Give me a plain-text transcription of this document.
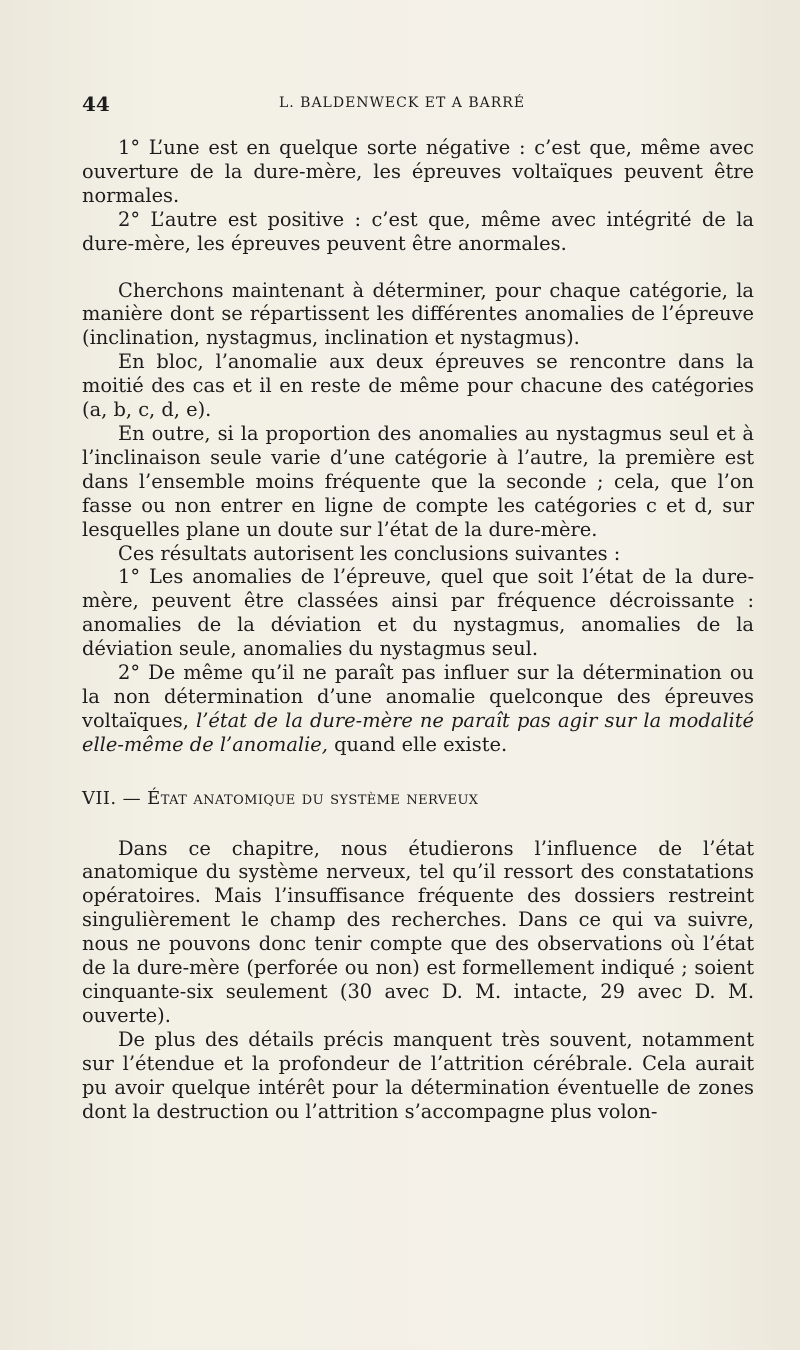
44	L. BALDENWECK ET A BARRÉ

1° L’une est en quelque sorte négative : c’est que, même avec ouverture de la dure-mère, les épreuves voltaïques peuvent être normales.

2° L’autre est positive : c’est que, même avec intégrité de la dure-mère, les épreuves peuvent être anormales.

Cherchons maintenant à déterminer, pour chaque catégorie, la manière dont se répartissent les différentes anomalies de l’épreuve (inclination, nystagmus, inclination et nystagmus).

En bloc, l’anomalie aux deux épreuves se rencontre dans la moitié des cas et il en reste de même pour chacune des catégories (a, b, c, d, e).

En outre, si la proportion des anomalies au nystagmus seul et à l’inclinaison seule varie d’une catégorie à l’autre, la première est dans l’ensemble moins fréquente que la seconde ; cela, que l’on fasse ou non entrer en ligne de compte les catégories c et d, sur lesquelles plane un doute sur l’état de la dure-mère.

Ces résultats autorisent les conclusions suivantes :

1° Les anomalies de l’épreuve, quel que soit l’état de la dure-mère, peuvent être classées ainsi par fréquence décroissante : anomalies de la déviation et du nystagmus, anomalies de la déviation seule, anomalies du nystagmus seul.

2° De même qu’il ne paraît pas influer sur la détermination ou la non détermination d’une anomalie quelconque des épreuves voltaïques, l’état de la dure-mère ne paraît pas agir sur la modalité elle-même de l’anomalie, quand elle existe.

VII. — État anatomique du système nerveux

Dans ce chapitre, nous étudierons l’influence de l’état anatomique du système nerveux, tel qu’il ressort des constatations opératoires. Mais l’insuffisance fréquente des dossiers restreint singulièrement le champ des recherches. Dans ce qui va suivre, nous ne pouvons donc tenir compte que des observations où l’état de la dure-mère (perforée ou non) est formellement indiqué ; soient cinquante-six seulement (30 avec D. M. intacte, 29 avec D. M. ouverte).

De plus des détails précis manquent très souvent, notamment sur l’étendue et la profondeur de l’attrition cérébrale. Cela aurait pu avoir quelque intérêt pour la détermination éventuelle de zones dont la destruction ou l’attrition s’accompagne plus volon-
